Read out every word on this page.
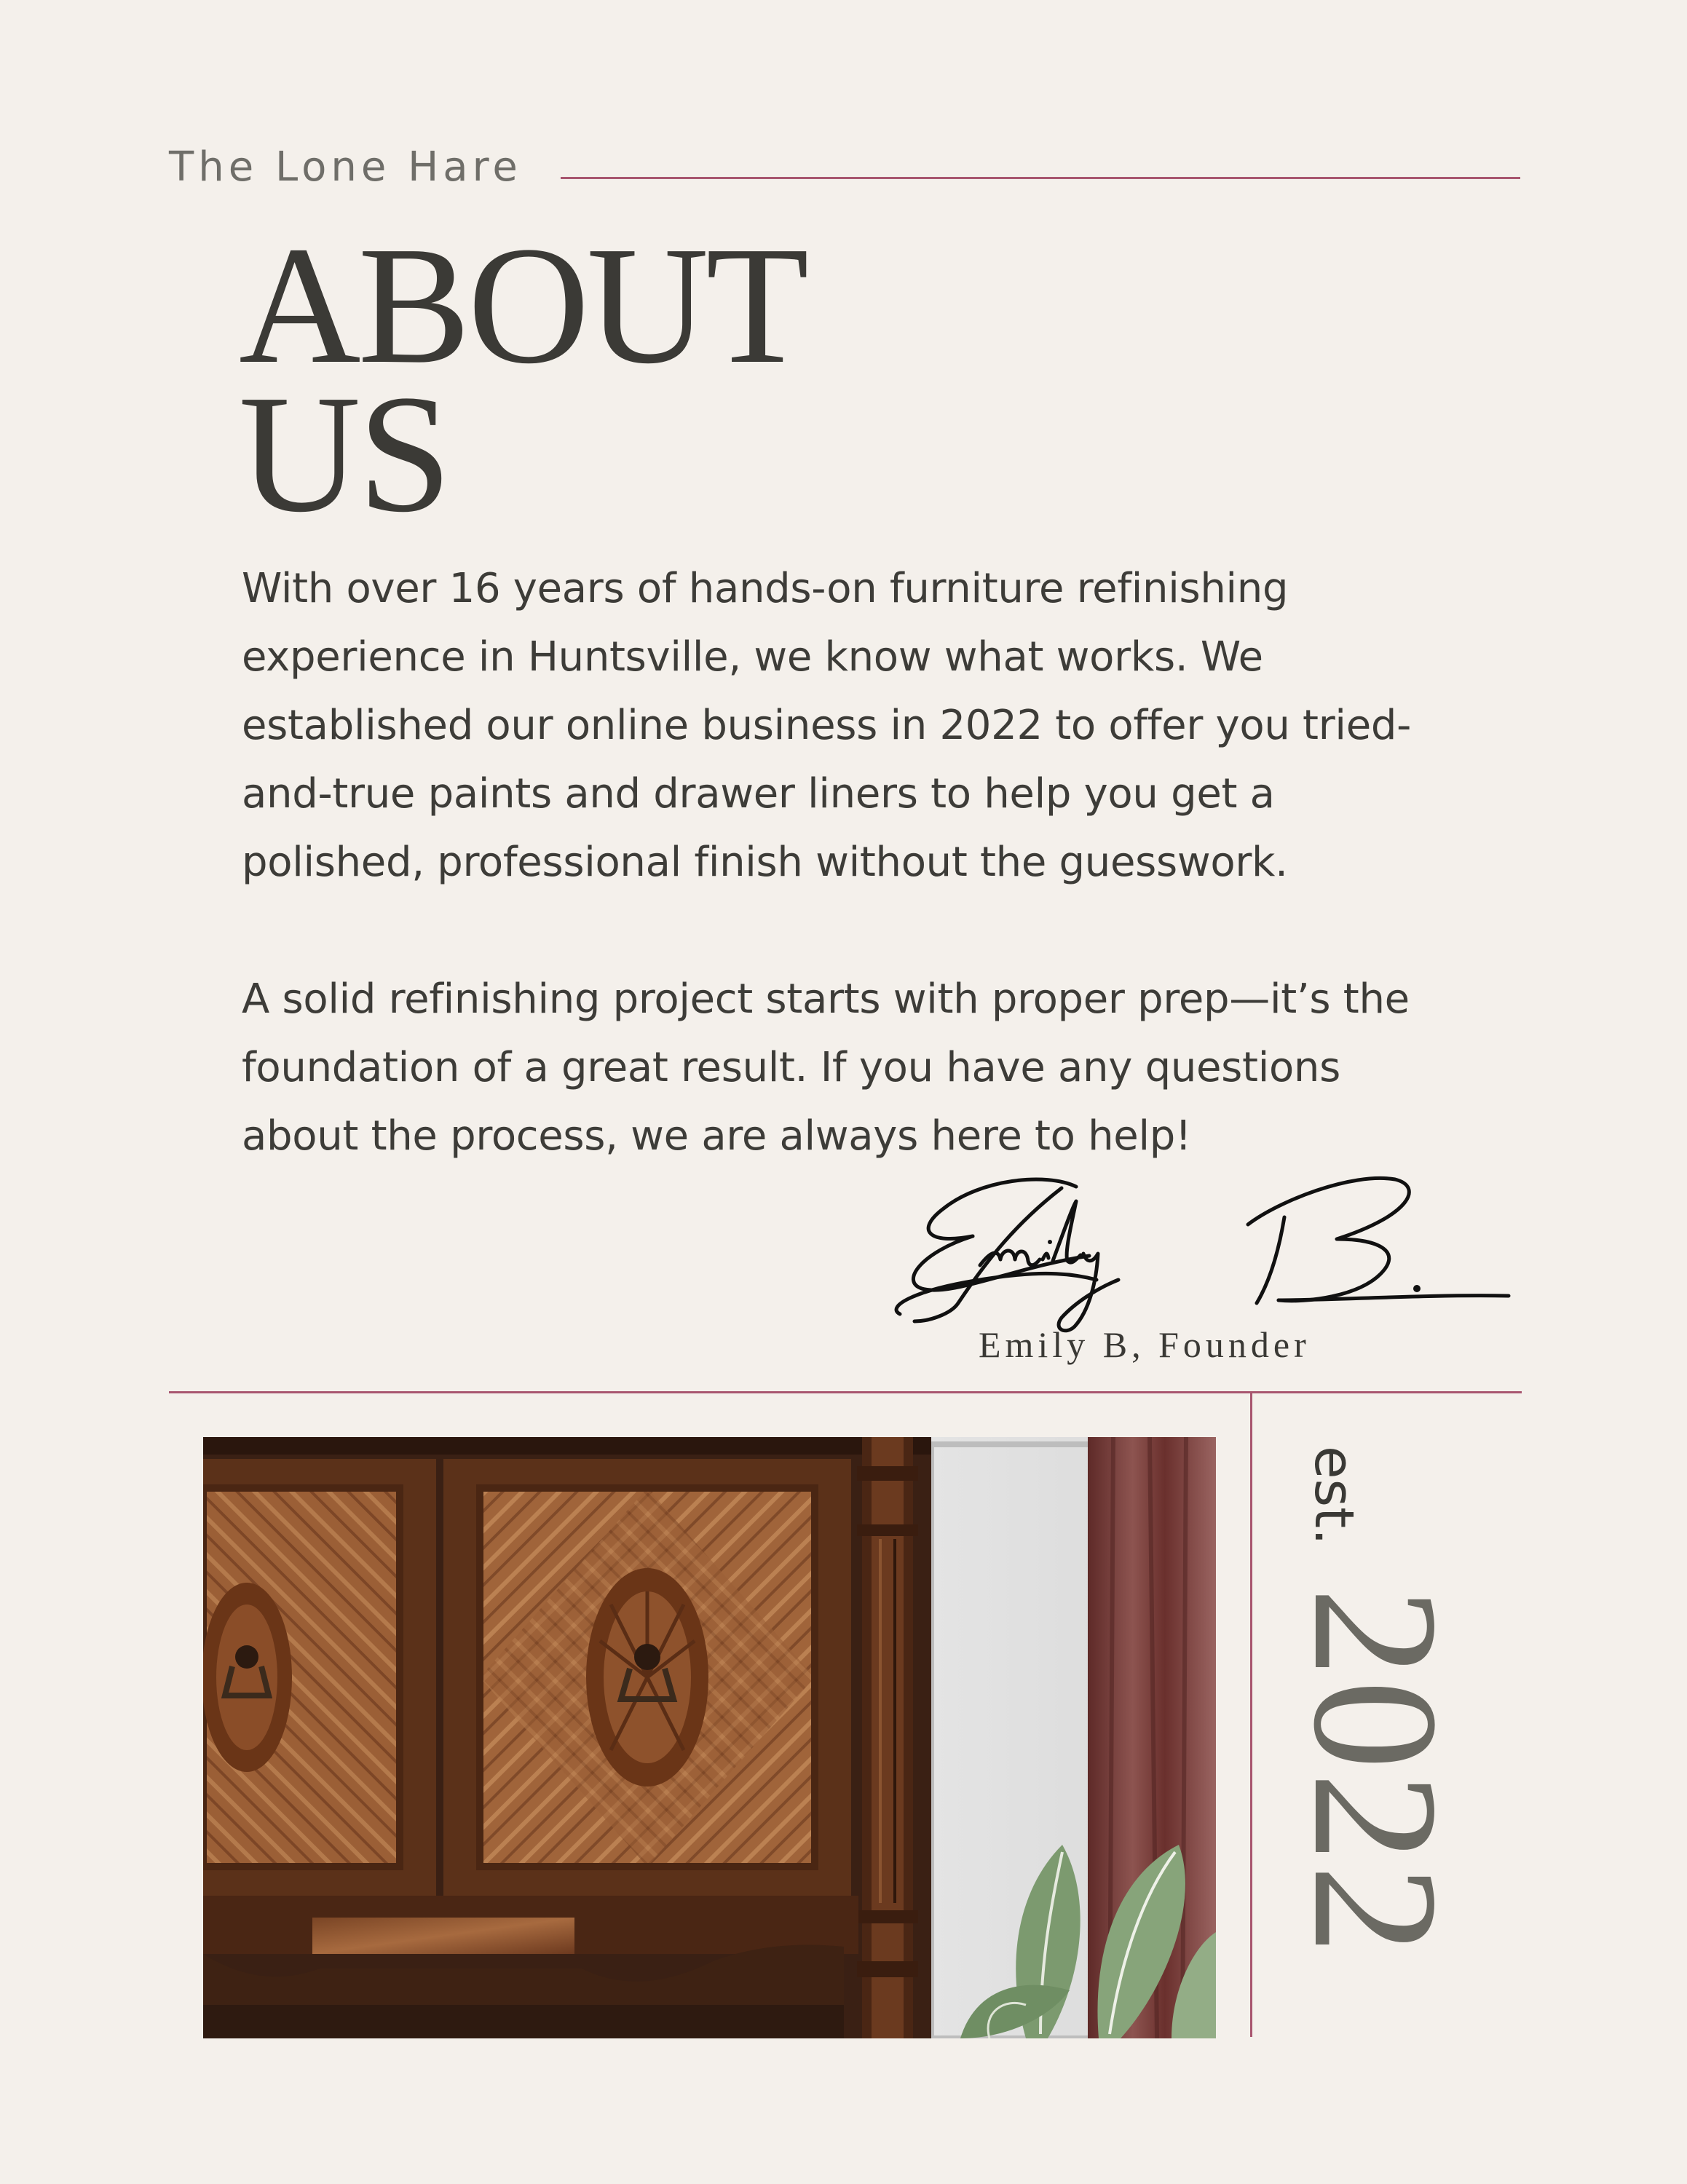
The Lone Hare
ABOUT
US

With over 16 years of hands-on furniture refinishing
experience in Huntsville, we know what works. We
established our online business in 2022 to offer you tried-
and-true paints and drawer liners to help you get a
polished, professional finish without the guesswork.

A solid refinishing project starts with proper prep—it’s the
foundation of a great result. If you have any questions
about the process, we are always here to help!

Emily B, Founder
est.
2022
